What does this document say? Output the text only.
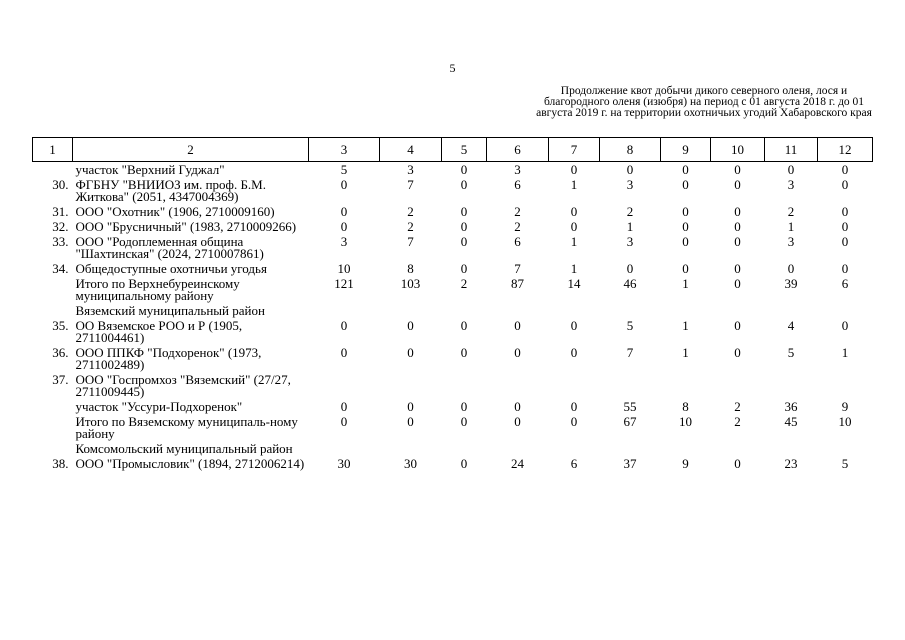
5
Продолжение квот добычи дикого северного оленя, лося и благородного оленя (изюбря) на период с 01 августа 2018 г. до 01 августа 2019 г. на территории охотничьих угодий Хабаровского края
1	2	3	4	5	6	7	8	9	10	11	12
	участок "Верхний Гуджал"	5	3	0	3	0	0	0	0	0	0
30.	ФГБНУ "ВНИИОЗ им. проф. Б.М. Житкова" (2051, 4347004369)	0	7	0	6	1	3	0	0	3	0
31.	ООО "Охотник" (1906, 2710009160)	0	2	0	2	0	2	0	0	2	0
32.	ООО "Брусничный" (1983, 2710009266)	0	2	0	2	0	1	0	0	1	0
33.	ООО "Родоплеменная община "Шахтинская" (2024, 2710007861)	3	7	0	6	1	3	0	0	3	0
34.	Общедоступные охотничьи угодья	10	8	0	7	1	0	0	0	0	0
	Итого по Верхнебуреинскому муниципальному району	121	103	2	87	14	46	1	0	39	6
	Вяземский муниципальный район										
35.	ОО Вяземское РОО и Р (1905, 2711004461)	0	0	0	0	0	5	1	0	4	0
36.	ООО ППКФ "Подхоренок" (1973, 2711002489)	0	0	0	0	0	7	1	0	5	1
37.	ООО "Госпромхоз "Вяземский" (27/27, 2711009445)										
	участок "Уссури-Подхоренок"	0	0	0	0	0	55	8	2	36	9
	Итого по Вяземскому муниципаль-ному району	0	0	0	0	0	67	10	2	45	10
	Комсомольский муниципальный район										
38.	ООО "Промысловик" (1894, 2712006214)	30	30	0	24	6	37	9	0	23	5
